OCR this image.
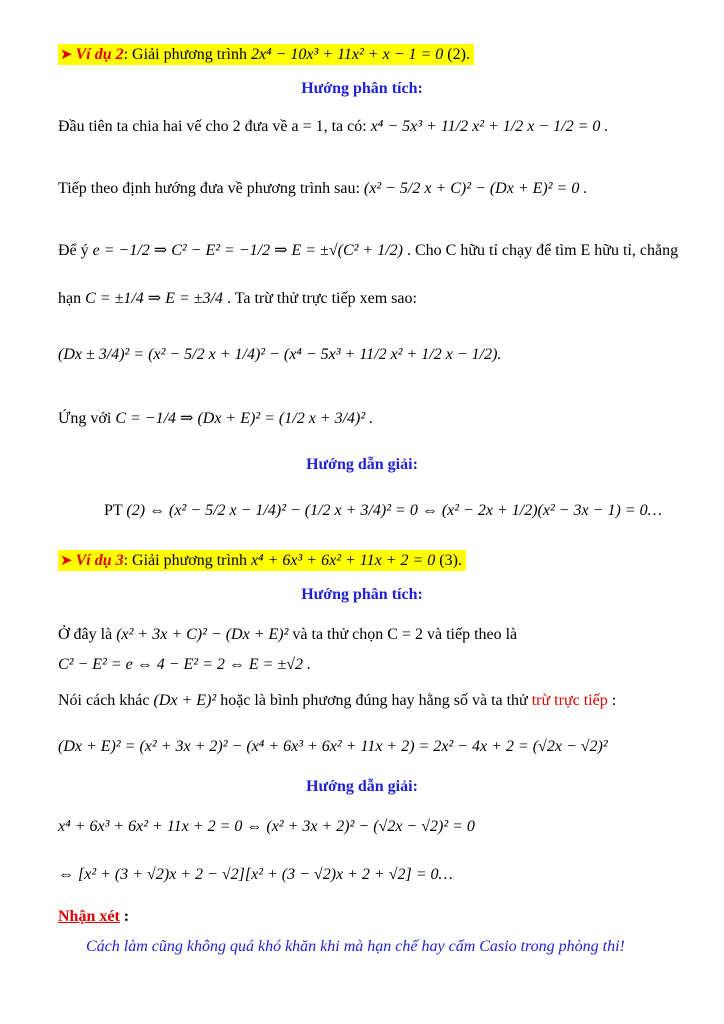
➤ Ví dụ 2: Giải phương trình 2x⁴ − 10x³ + 11x² + x − 1 = 0 (2).
Hướng phân tích:
Đầu tiên ta chia hai vế cho 2 đưa về a = 1, ta có: x⁴ − 5x³ + 11/2 x² + 1/2 x − 1/2 = 0 .
Tiếp theo định hướng đưa về phương trình sau: (x² − 5/2 x + C)² − (Dx + E)² = 0 .
Để ý e = −1/2 ⇒ C² − E² = −1/2 ⇒ E = ±√(C² + 1/2) . Cho C hữu tỉ chạy để tìm E hữu tỉ, chẳng
hạn C = ±1/4 ⇒ E = ±3/4 . Ta trừ thử trực tiếp xem sao:
(Dx ± 3/4)² = (x² − 5/2 x + 1/4)² − (x⁴ − 5x³ + 11/2 x² + 1/2 x − 1/2).
Ứng với C = −1/4 ⇒ (Dx + E)² = (1/2 x + 3/4)² .
Hướng dẫn giải:
PT (2) ⇔ (x² − 5/2 x − 1/4)² − (1/2 x + 3/4)² = 0 ⇔ (x² − 2x + 1/2)(x² − 3x − 1) = 0…
➤ Ví dụ 3: Giải phương trình x⁴ + 6x³ + 6x² + 11x + 2 = 0 (3).
Hướng phân tích:
Ở đây là (x² + 3x + C)² − (Dx + E)² và ta thử chọn C = 2 và tiếp theo là
C² − E² = e ⇔ 4 − E² = 2 ⇔ E = ±√2 .
Nói cách khác (Dx + E)² hoặc là bình phương đúng hay hằng số và ta thử trừ trực tiếp :
(Dx + E)² = (x² + 3x + 2)² − (x⁴ + 6x³ + 6x² + 11x + 2) = 2x² − 4x + 2 = (√2x − √2)²
Hướng dẫn giải:
x⁴ + 6x³ + 6x² + 11x + 2 = 0 ⇔ (x² + 3x + 2)² − (√2x − √2)² = 0
⇔ [x² + (3 + √2)x + 2 − √2][x² + (3 − √2)x + 2 + √2] = 0…
Nhận xét :
Cách làm cũng không quá khó khăn khi mà hạn chế hay cấm Casio trong phòng thi!
